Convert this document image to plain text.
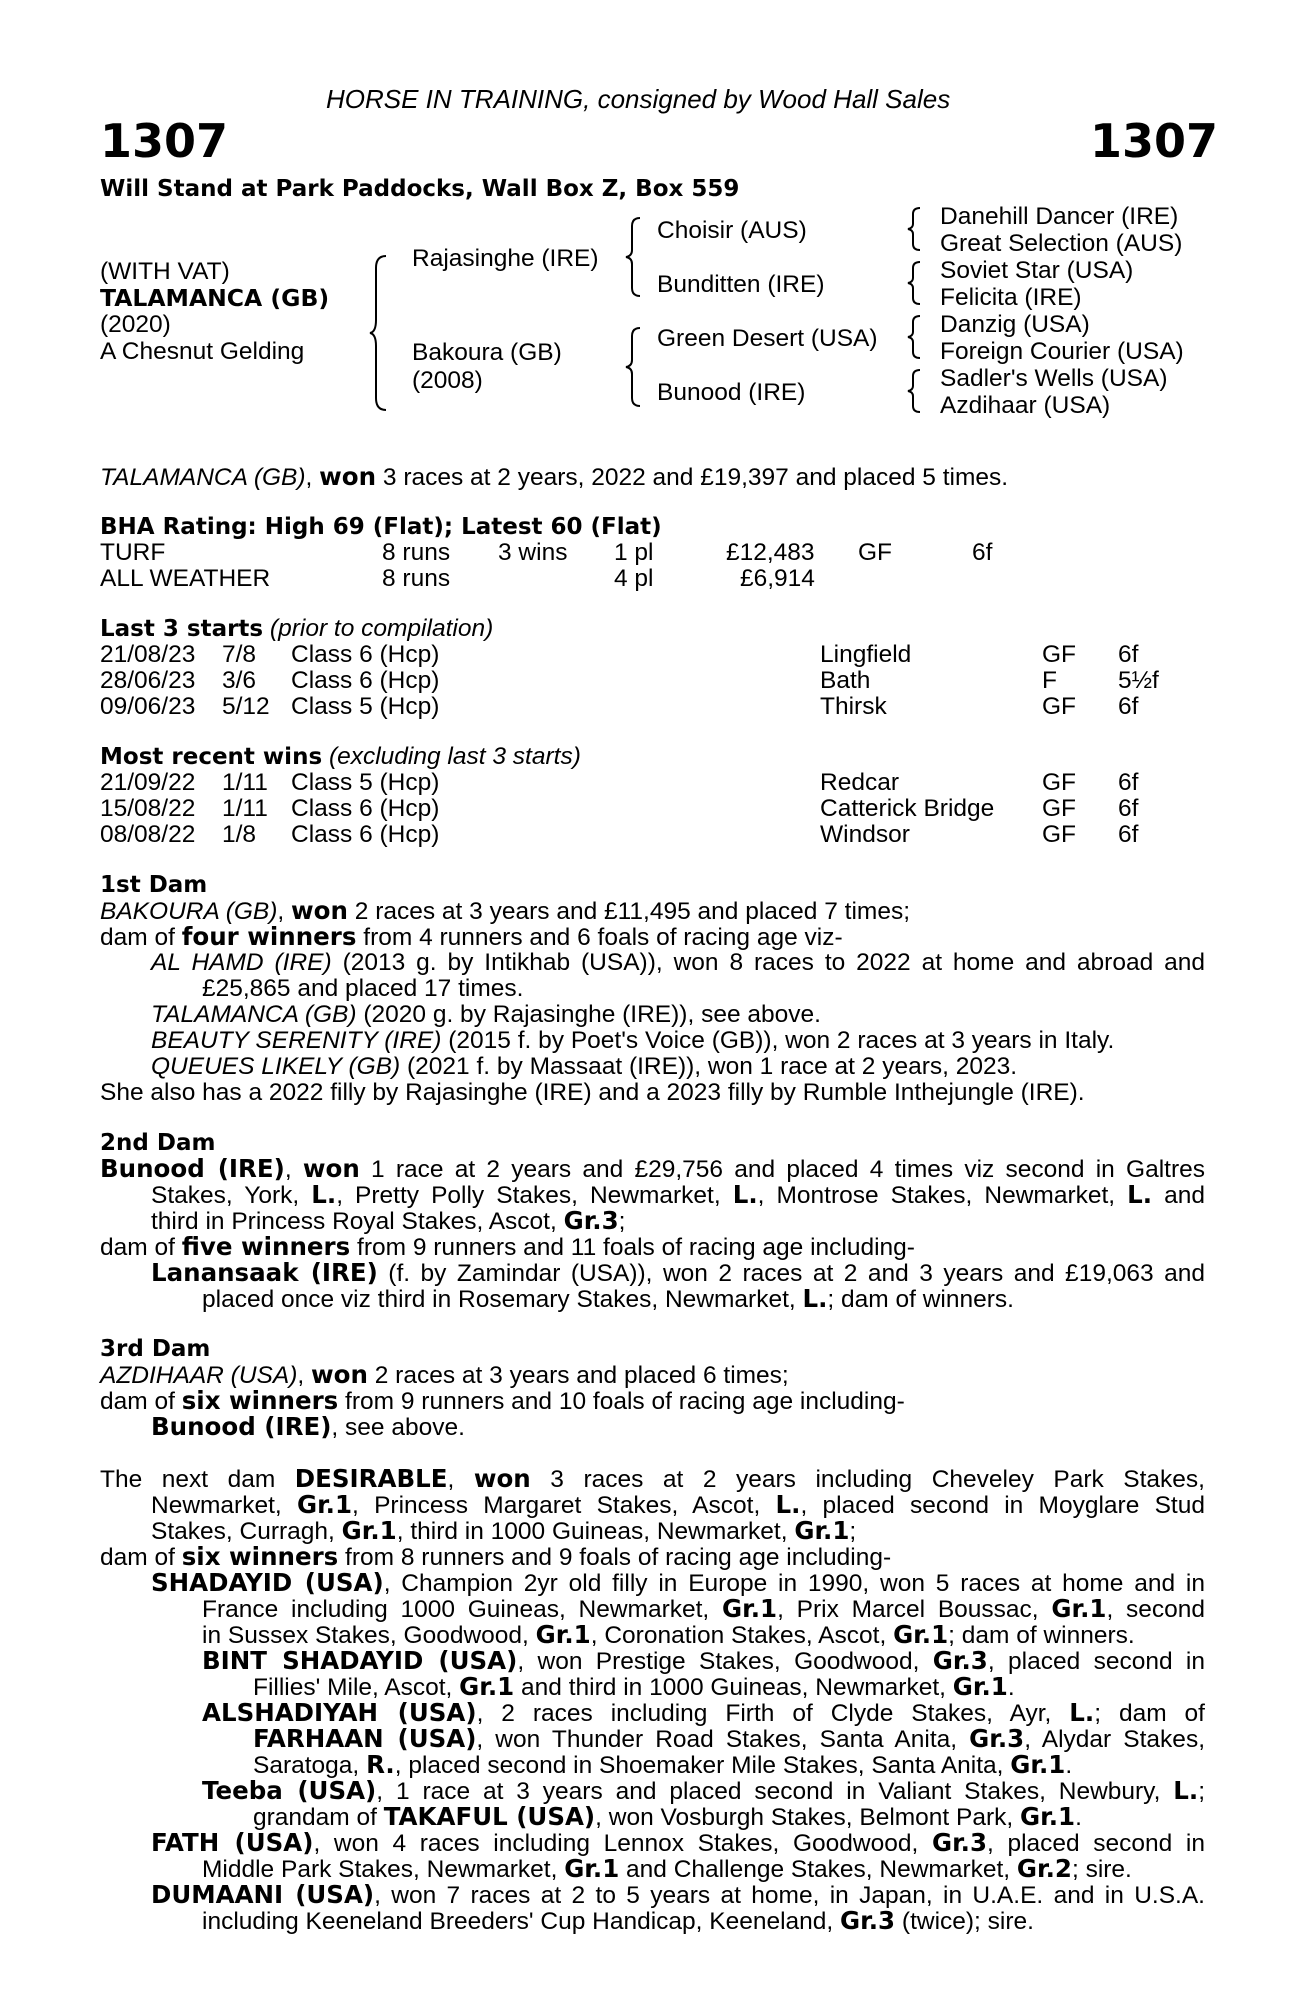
HORSE IN TRAINING, consigned by Wood Hall Sales
1307	1307
Will Stand at Park Paddocks, Wall Box Z, Box 559
(WITH VAT)
TALAMANCA (GB)
(2020)
A Chesnut Gelding
Rajasinghe (IRE)
Bakoura (GB)
(2008)
Choisir (AUS)
Bunditten (IRE)
Green Desert (USA)
Bunood (IRE)
Danehill Dancer (IRE)
Great Selection (AUS)
Soviet Star (USA)
Felicita (IRE)
Danzig (USA)
Foreign Courier (USA)
Sadler's Wells (USA)
Azdihaar (USA)
TALAMANCA (GB), won 3 races at 2 years, 2022 and £19,397 and placed 5 times.
BHA Rating: High 69 (Flat); Latest 60 (Flat)
TURF	8 runs 3 wins 1 pl	£12,483 GF	6f
ALL WEATHER	8 runs	4 pl	£6,914
Last 3 starts (prior to compilation)
21/08/23 7/8 Class 6 (Hcp)	Lingfield	GF 6f
28/06/23 3/6 Class 6 (Hcp)	Bath	F 5½f
09/06/23 5/12 Class 5 (Hcp)	Thirsk	GF 6f
Most recent wins (excluding last 3 starts)
21/09/22 1/11 Class 5 (Hcp)	Redcar	GF 6f
15/08/22 1/11 Class 6 (Hcp)	Catterick Bridge GF 6f
08/08/22 1/8 Class 6 (Hcp)	Windsor	GF 6f
1st Dam
BAKOURA (GB), won 2 races at 3 years and £11,495 and placed 7 times;
dam of four winners from 4 runners and 6 foals of racing age viz-
AL HAMD (IRE) (2013 g. by Intikhab (USA)), won 8 races to 2022 at home and abroad and
£25,865 and placed 17 times.
TALAMANCA (GB) (2020 g. by Rajasinghe (IRE)), see above.
BEAUTY SERENITY (IRE) (2015 f. by Poet's Voice (GB)), won 2 races at 3 years in Italy.
QUEUES LIKELY (GB) (2021 f. by Massaat (IRE)), won 1 race at 2 years, 2023.
She also has a 2022 filly by Rajasinghe (IRE) and a 2023 filly by Rumble Inthejungle (IRE).
2nd Dam
Bunood (IRE), won 1 race at 2 years and £29,756 and placed 4 times viz second in Galtres
Stakes, York, L., Pretty Polly Stakes, Newmarket, L., Montrose Stakes, Newmarket, L. and
third in Princess Royal Stakes, Ascot, Gr.3;
dam of five winners from 9 runners and 11 foals of racing age including-
Lanansaak (IRE) (f. by Zamindar (USA)), won 2 races at 2 and 3 years and £19,063 and
placed once viz third in Rosemary Stakes, Newmarket, L.; dam of winners.
3rd Dam
AZDIHAAR (USA), won 2 races at 3 years and placed 6 times;
dam of six winners from 9 runners and 10 foals of racing age including-
Bunood (IRE), see above.
The next dam DESIRABLE, won 3 races at 2 years including Cheveley Park Stakes,
Newmarket, Gr.1, Princess Margaret Stakes, Ascot, L., placed second in Moyglare Stud
Stakes, Curragh, Gr.1, third in 1000 Guineas, Newmarket, Gr.1;
dam of six winners from 8 runners and 9 foals of racing age including-
SHADAYID (USA), Champion 2yr old filly in Europe in 1990, won 5 races at home and in
France including 1000 Guineas, Newmarket, Gr.1, Prix Marcel Boussac, Gr.1, second
in Sussex Stakes, Goodwood, Gr.1, Coronation Stakes, Ascot, Gr.1; dam of winners.
BINT SHADAYID (USA), won Prestige Stakes, Goodwood, Gr.3, placed second in
Fillies' Mile, Ascot, Gr.1 and third in 1000 Guineas, Newmarket, Gr.1.
ALSHADIYAH (USA), 2 races including Firth of Clyde Stakes, Ayr, L.; dam of
FARHAAN (USA), won Thunder Road Stakes, Santa Anita, Gr.3, Alydar Stakes,
Saratoga, R., placed second in Shoemaker Mile Stakes, Santa Anita, Gr.1.
Teeba (USA), 1 race at 3 years and placed second in Valiant Stakes, Newbury, L.;
grandam of TAKAFUL (USA), won Vosburgh Stakes, Belmont Park, Gr.1.
FATH (USA), won 4 races including Lennox Stakes, Goodwood, Gr.3, placed second in
Middle Park Stakes, Newmarket, Gr.1 and Challenge Stakes, Newmarket, Gr.2; sire.
DUMAANI (USA), won 7 races at 2 to 5 years at home, in Japan, in U.A.E. and in U.S.A.
including Keeneland Breeders' Cup Handicap, Keeneland, Gr.3 (twice); sire.
